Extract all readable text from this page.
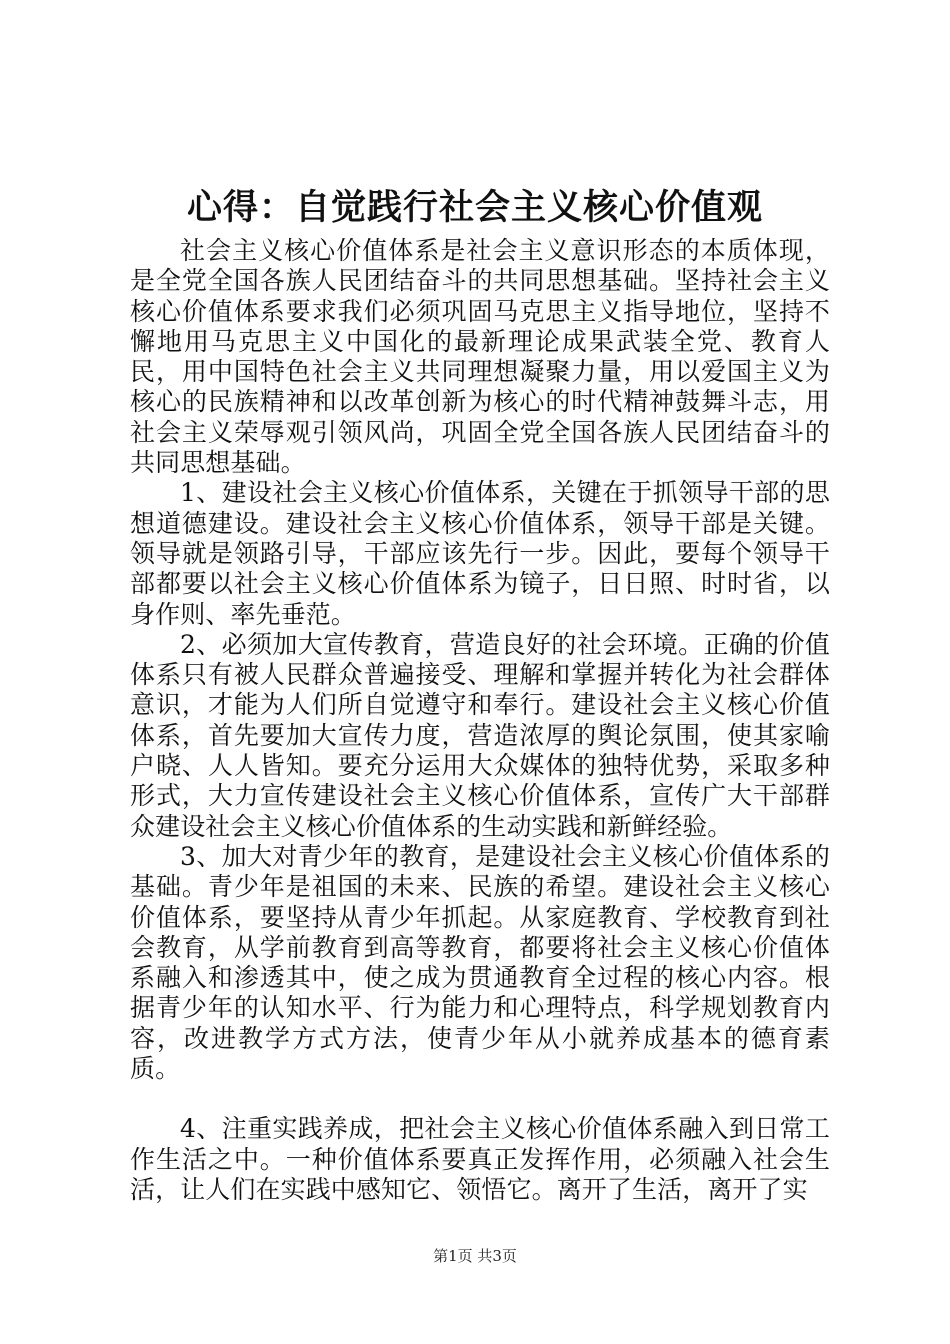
心得：自觉践行社会主义核心价值观

社会主义核心价值体系是社会主义意识形态的本质体现，是全党全国各族人民团结奋斗的共同思想基础。坚持社会主义核心价值体系要求我们必须巩固马克思主义指导地位，坚持不懈地用马克思主义中国化的最新理论成果武装全党、教育人民，用中国特色社会主义共同理想凝聚力量，用以爱国主义为核心的民族精神和以改革创新为核心的时代精神鼓舞斗志，用社会主义荣辱观引领风尚，巩固全党全国各族人民团结奋斗的共同思想基础。

1、建设社会主义核心价值体系，关键在于抓领导干部的思想道德建设。建设社会主义核心价值体系，领导干部是关键。领导就是领路引导，干部应该先行一步。因此，要每个领导干部都要以社会主义核心价值体系为镜子，日日照、时时省，以身作则、率先垂范。

2、必须加大宣传教育，营造良好的社会环境。正确的价值体系只有被人民群众普遍接受、理解和掌握并转化为社会群体意识，才能为人们所自觉遵守和奉行。建设社会主义核心价值体系，首先要加大宣传力度，营造浓厚的舆论氛围，使其家喻户晓、人人皆知。要充分运用大众媒体的独特优势，采取多种形式，大力宣传建设社会主义核心价值体系，宣传广大干部群众建设社会主义核心价值体系的生动实践和新鲜经验。

3、加大对青少年的教育，是建设社会主义核心价值体系的基础。青少年是祖国的未来、民族的希望。建设社会主义核心价值体系，要坚持从青少年抓起。从家庭教育、学校教育到社会教育，从学前教育到高等教育，都要将社会主义核心价值体系融入和渗透其中，使之成为贯通教育全过程的核心内容。根据青少年的认知水平、行为能力和心理特点，科学规划教育内容，改进教学方式方法，使青少年从小就养成基本的德育素质。

4、注重实践养成，把社会主义核心价值体系融入到日常工作生活之中。一种价值体系要真正发挥作用，必须融入社会生活，让人们在实践中感知它、领悟它。离开了生活，离开了实

第1页 共3页
